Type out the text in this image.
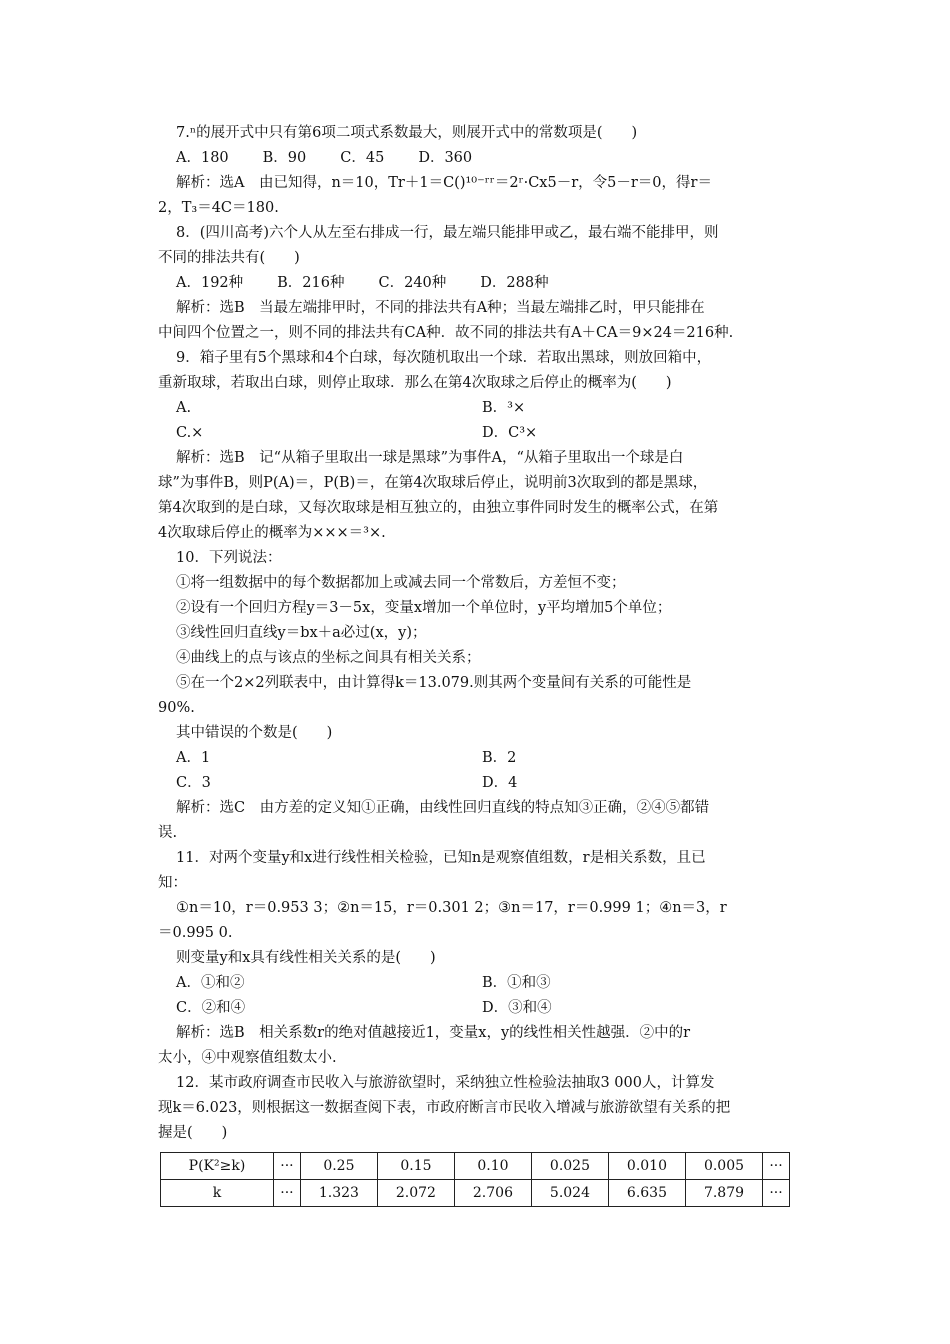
7.ⁿ的展开式中只有第6项二项式系数最大，则展开式中的常数项是(　　)
A．180 B．90 C．45 D．360
解析：选A　由已知得，n＝10，Tr＋1＝C()¹⁰⁻ʳʳ＝2ʳ·Cx5－r，令5－r＝0，得r＝
2，T₃＝4C＝180.
8．(四川高考)六个人从左至右排成一行，最左端只能排甲或乙，最右端不能排甲，则
不同的排法共有(　　)
A．192种 B．216种 C．240种 D．288种
解析：选B　当最左端排甲时，不同的排法共有A种；当最左端排乙时，甲只能排在
中间四个位置之一，则不同的排法共有CA种．故不同的排法共有A＋CA＝9×24＝216种.
9．箱子里有5个黑球和4个白球，每次随机取出一个球．若取出黑球，则放回箱中，
重新取球，若取出白球，则停止取球．那么在第4次取球之后停止的概率为(　　)
A.	B．³×
C.×	D．C³×
解析：选B　记“从箱子里取出一球是黑球”为事件A，“从箱子里取出一个球是白
球”为事件B，则P(A)＝，P(B)＝，在第4次取球后停止，说明前3次取到的都是黑球，
第4次取到的是白球，又每次取球是相互独立的，由独立事件同时发生的概率公式，在第
4次取球后停止的概率为×××＝³×.
10．下列说法：
①将一组数据中的每个数据都加上或减去同一个常数后，方差恒不变；
②设有一个回归方程y＝3－5x，变量x增加一个单位时，y平均增加5个单位；
③线性回归直线y＝bx＋a必过(x，y)；
④曲线上的点与该点的坐标之间具有相关关系；
⑤在一个2×2列联表中，由计算得k＝13.079.则其两个变量间有关系的可能性是
90%.
其中错误的个数是(　　)
A．1	B．2
C．3	D．4
解析：选C　由方差的定义知①正确，由线性回归直线的特点知③正确，②④⑤都错
误.
11．对两个变量y和x进行线性相关检验，已知n是观察值组数，r是相关系数，且已
知：
①n＝10，r＝0.953 3；②n＝15，r＝0.301 2；③n＝17，r＝0.999 1；④n＝3，r
＝0.995 0.
则变量y和x具有线性相关关系的是(　　)
A．①和②	B．①和③
C．②和④	D．③和④
解析：选B　相关系数r的绝对值越接近1，变量x，y的线性相关性越强．②中的r
太小，④中观察值组数太小.
12．某市政府调查市民收入与旅游欲望时，采纳独立性检验法抽取3 000人，计算发
现k＝6.023，则根据这一数据查阅下表，市政府断言市民收入增减与旅游欲望有关系的把
握是(　　)
P(K²≥k)	···	0.25	0.15	0.10	0.025	0.010	0.005	···
k	···	1.323	2.072	2.706	5.024	6.635	7.879	···
